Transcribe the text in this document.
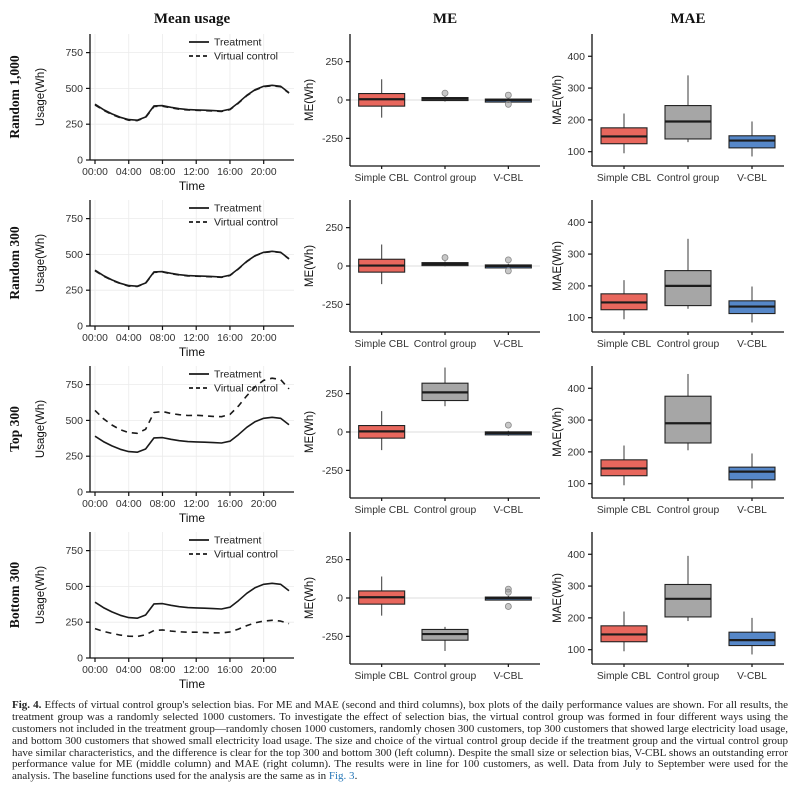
Mean usage	ME	MAE
Random 1,000
0
250
500
750
00:00 04:00 08:00 12:00 16:00 20:00
Time
Usage(Wh)
Treatment
Virtual control
-250
0
250
Simple CBL Control group V-CBL
ME(Wh)
100
200
300
400
Simple CBL Control group V-CBL
MAE(Wh)
Random 300
0
250
500
750
00:00 04:00 08:00 12:00 16:00 20:00
Time
Usage(Wh)
Treatment
Virtual control
-250
0
250
Simple CBL Control group V-CBL
ME(Wh)
100
200
300
400
Simple CBL Control group V-CBL
MAE(Wh)
Top 300
0
250
500
750
00:00 04:00 08:00 12:00 16:00 20:00
Time
Usage(Wh)
Treatment
Virtual control
-250
0
250
Simple CBL Control group V-CBL
ME(Wh)
100
200
300
400
Simple CBL Control group V-CBL
MAE(Wh)
Bottom 300
0
250
500
750
00:00 04:00 08:00 12:00 16:00 20:00
Time
Usage(Wh)
Treatment
Virtual control
-250
0
250
Simple CBL Control group V-CBL
ME(Wh)
100
200
300
400
Simple CBL Control group V-CBL
MAE(Wh)
Fig. 4. Effects of virtual control group's selection bias. For ME and MAE (second and third columns), box plots of the daily performance values are shown. For all results, the treatment group was a randomly selected 1000 customers. To investigate the effect of selection bias, the virtual control group was formed in four different ways using the customers not included in the treatment group—randomly chosen 1000 customers, randomly chosen 300 customers, top 300 customers that showed large electricity load usage, and bottom 300 customers that showed small electricity load usage. The size and choice of the virtual control group decide if the treatment group and the virtual control group have similar characteristics, and the difference is clear for the top 300 and bottom 300 (left column). Despite the small size or selection bias, V-CBL shows an outstanding error performance value for ME (middle column) and MAE (right column). The results were in line for 100 customers, as well. Data from July to September were used for the analysis. The baseline functions used for the analysis are the same as in Fig. 3.
